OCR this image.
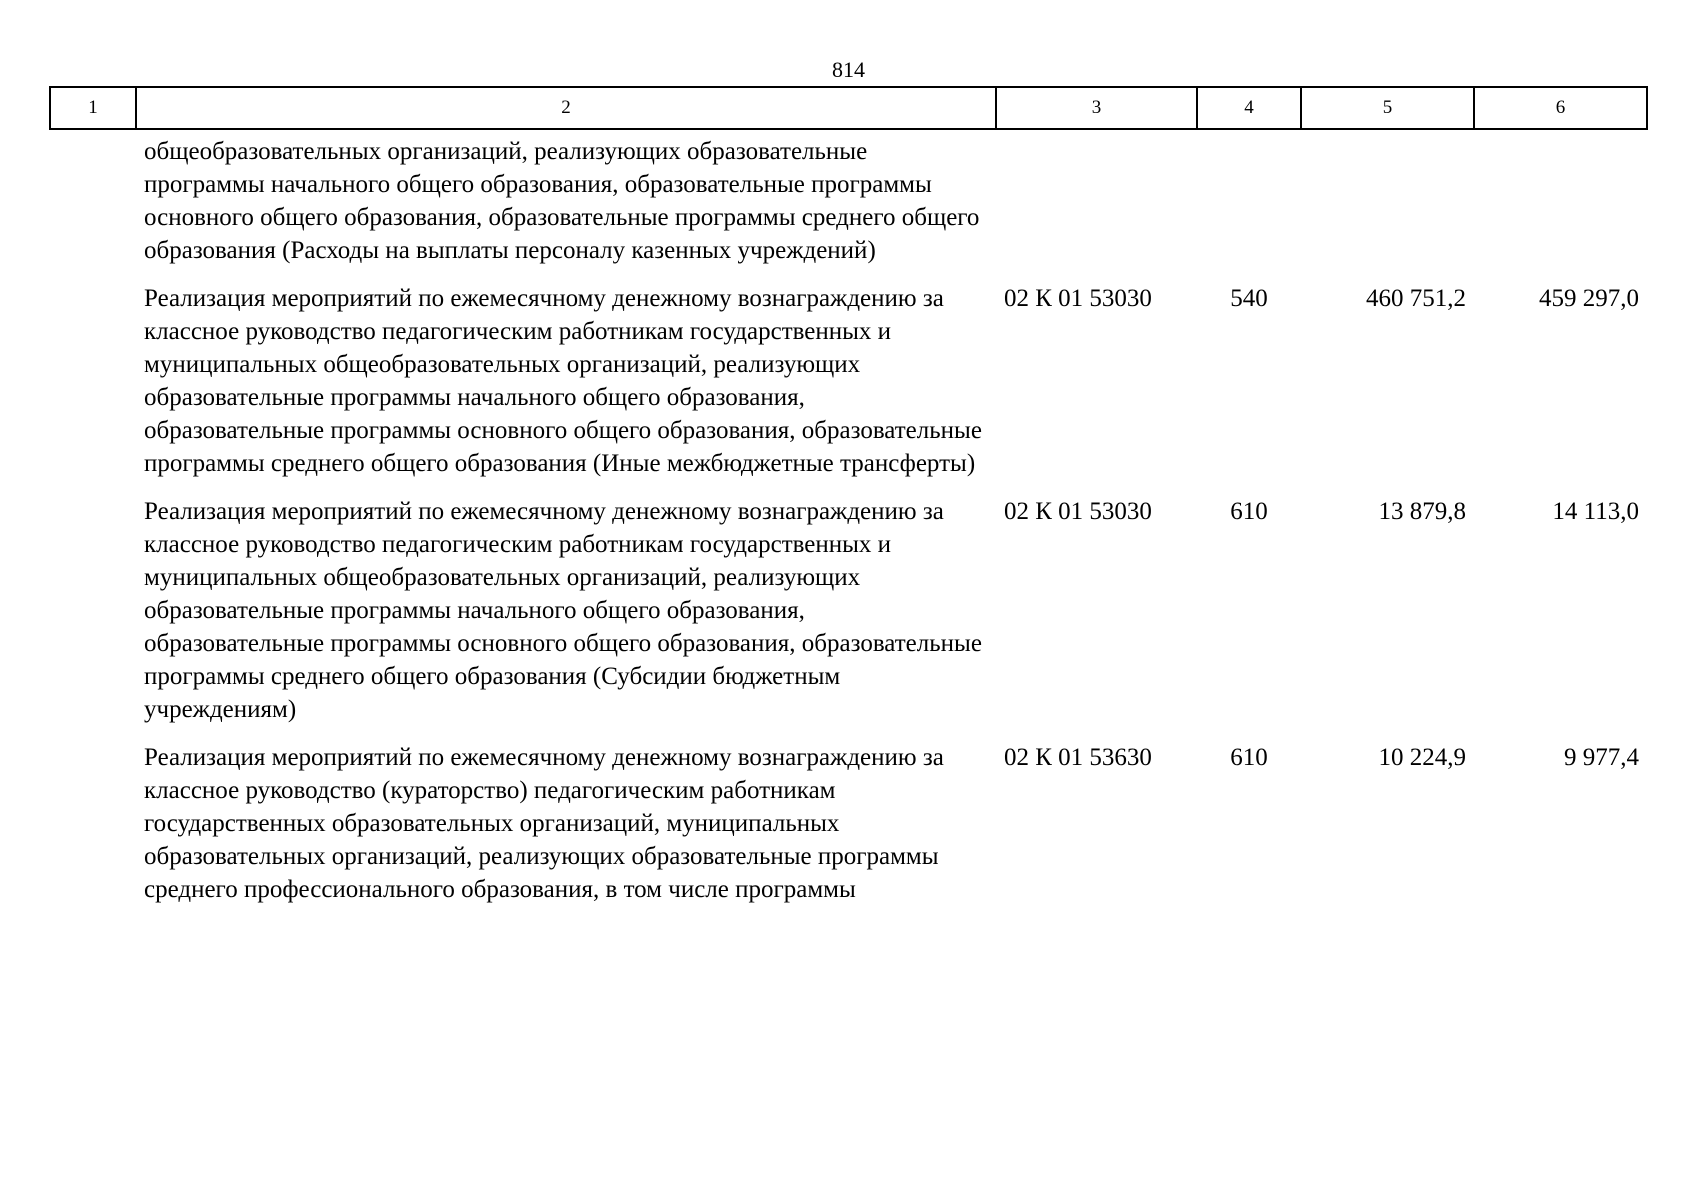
814
1	2	3	4	5	6
	общеобразовательных организаций, реализующих образовательные программы начального общего образования, образовательные программы основного общего образования, образовательные программы среднего общего образования (Расходы на выплаты персоналу казенных учреждений)				
	Реализация мероприятий по ежемесячному денежному вознаграждению за классное руководство педагогическим работникам государственных и муниципальных общеобразовательных организаций, реализующих образовательные программы начального общего образования, образовательные программы основного общего образования, образовательные программы среднего общего образования (Иные межбюджетные трансферты)	02 К 01 53030	540	460 751,2	459 297,0
	Реализация мероприятий по ежемесячному денежному вознаграждению за классное руководство педагогическим работникам государственных и муниципальных общеобразовательных организаций, реализующих образовательные программы начального общего образования, образовательные программы основного общего образования, образовательные программы среднего общего образования (Субсидии бюджетным учреждениям)	02 К 01 53030	610	13 879,8	14 113,0
	Реализация мероприятий по ежемесячному денежному вознаграждению за классное руководство (кураторство) педагогическим работникам государственных образовательных организаций, муниципальных образовательных организаций, реализующих образовательные программы среднего профессионального образования, в том числе программы	02 К 01 53630	610	10 224,9	9 977,4
